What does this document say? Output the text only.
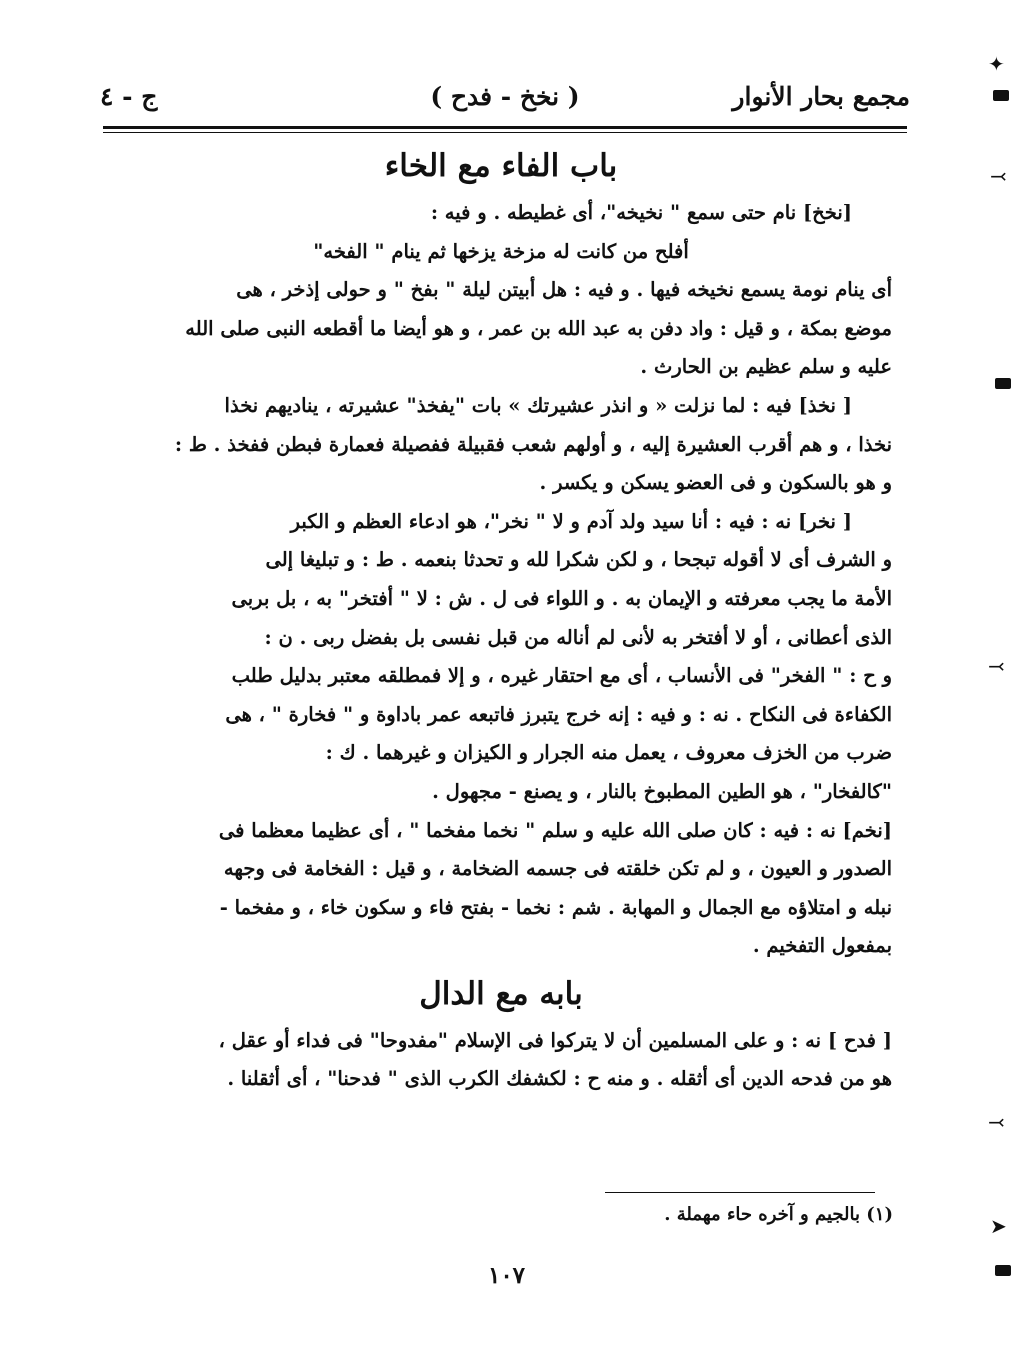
مجمع بحار الأنوار
( نخخ - فدح )
ج - ٤

باب الفاء مع الخاء

[نخخ] نام حتى سمع " نخيخه"، أى غطيطه . و فيه :

أفلح من كانت له مزخة يزخها ثم ينام " الفخه"

أى ينام نومة يسمع نخيخه فيها . و فيه : هل أبيتن ليلة " بفخ " و حولى إذخر ، هى

موضع بمكة ، و قيل : واد دفن به عبد الله بن عمر ، و هو أيضا ما أقطعه النبى صلى الله

عليه و سلم عظيم بن الحارث .

[ نخذ] فيه : لما نزلت « و انذر عشيرتك » بات "يفخذ" عشيرته ، يناديهم نخذا

نخذا ، و هم أقرب العشيرة إليه ، و أولهم شعب فقبيلة ففصيلة فعمارة فبطن ففخذ . ط :

و هو بالسكون و فى العضو يسكن و يكسر .

[ نخر] نه : فيه : أنا سيد ولد آدم و لا " نخر"، هو ادعاء العظم و الكبر

و الشرف أى لا أقوله تبجحا ، و لكن شكرا لله و تحدثا بنعمه . ط : و تبليغا إلى

الأمة ما يجب معرفته و الإيمان به . و اللواء فى ل . ش : لا " أفتخر" به ، بل بربى

الذى أعطانى ، أو لا أفتخر به لأنى لم أناله من قبل نفسى بل بفضل ربى . ن :

و ح : " الفخر" فى الأنساب ، أى مع احتقار غيره ، و إلا فمطلقه معتبر بدليل طلب

الكفاءة فى النكاح . نه : و فيه : إنه خرج يتبرز فاتبعه عمر باداوة و " فخارة " ، هى

ضرب من الخزف معروف ، يعمل منه الجرار و الكيزان و غيرهما . ك :

"كالفخار" ، هو الطين المطبوخ بالنار ، و يصنع - مجهول .

[نخم] نه : فيه : كان صلى الله عليه و سلم " نخما مفخما " ، أى عظيما معظما فى

الصدور و العيون ، و لم تكن خلقته فى جسمه الضخامة ، و قيل : الفخامة فى وجهه

نبله و امتلاؤه مع الجمال و المهابة . شم : نخما - بفتح فاء و سكون خاء ، و مفخما -

بمفعول التفخيم .

بابه مع الدال

[ فدح ] نه : و على المسلمين أن لا يتركوا فى الإسلام "مفدوحا" فى فداء أو عقل ،

هو من فدحه الدين أى أثقله . و منه ح : لكشفك الكرب الذى " فدحنا" ، أى أثقلنا .

(١) بالجيم و آخره حاء مهملة .
١٠٧
✦
⤙
⤙
⤙
➤
